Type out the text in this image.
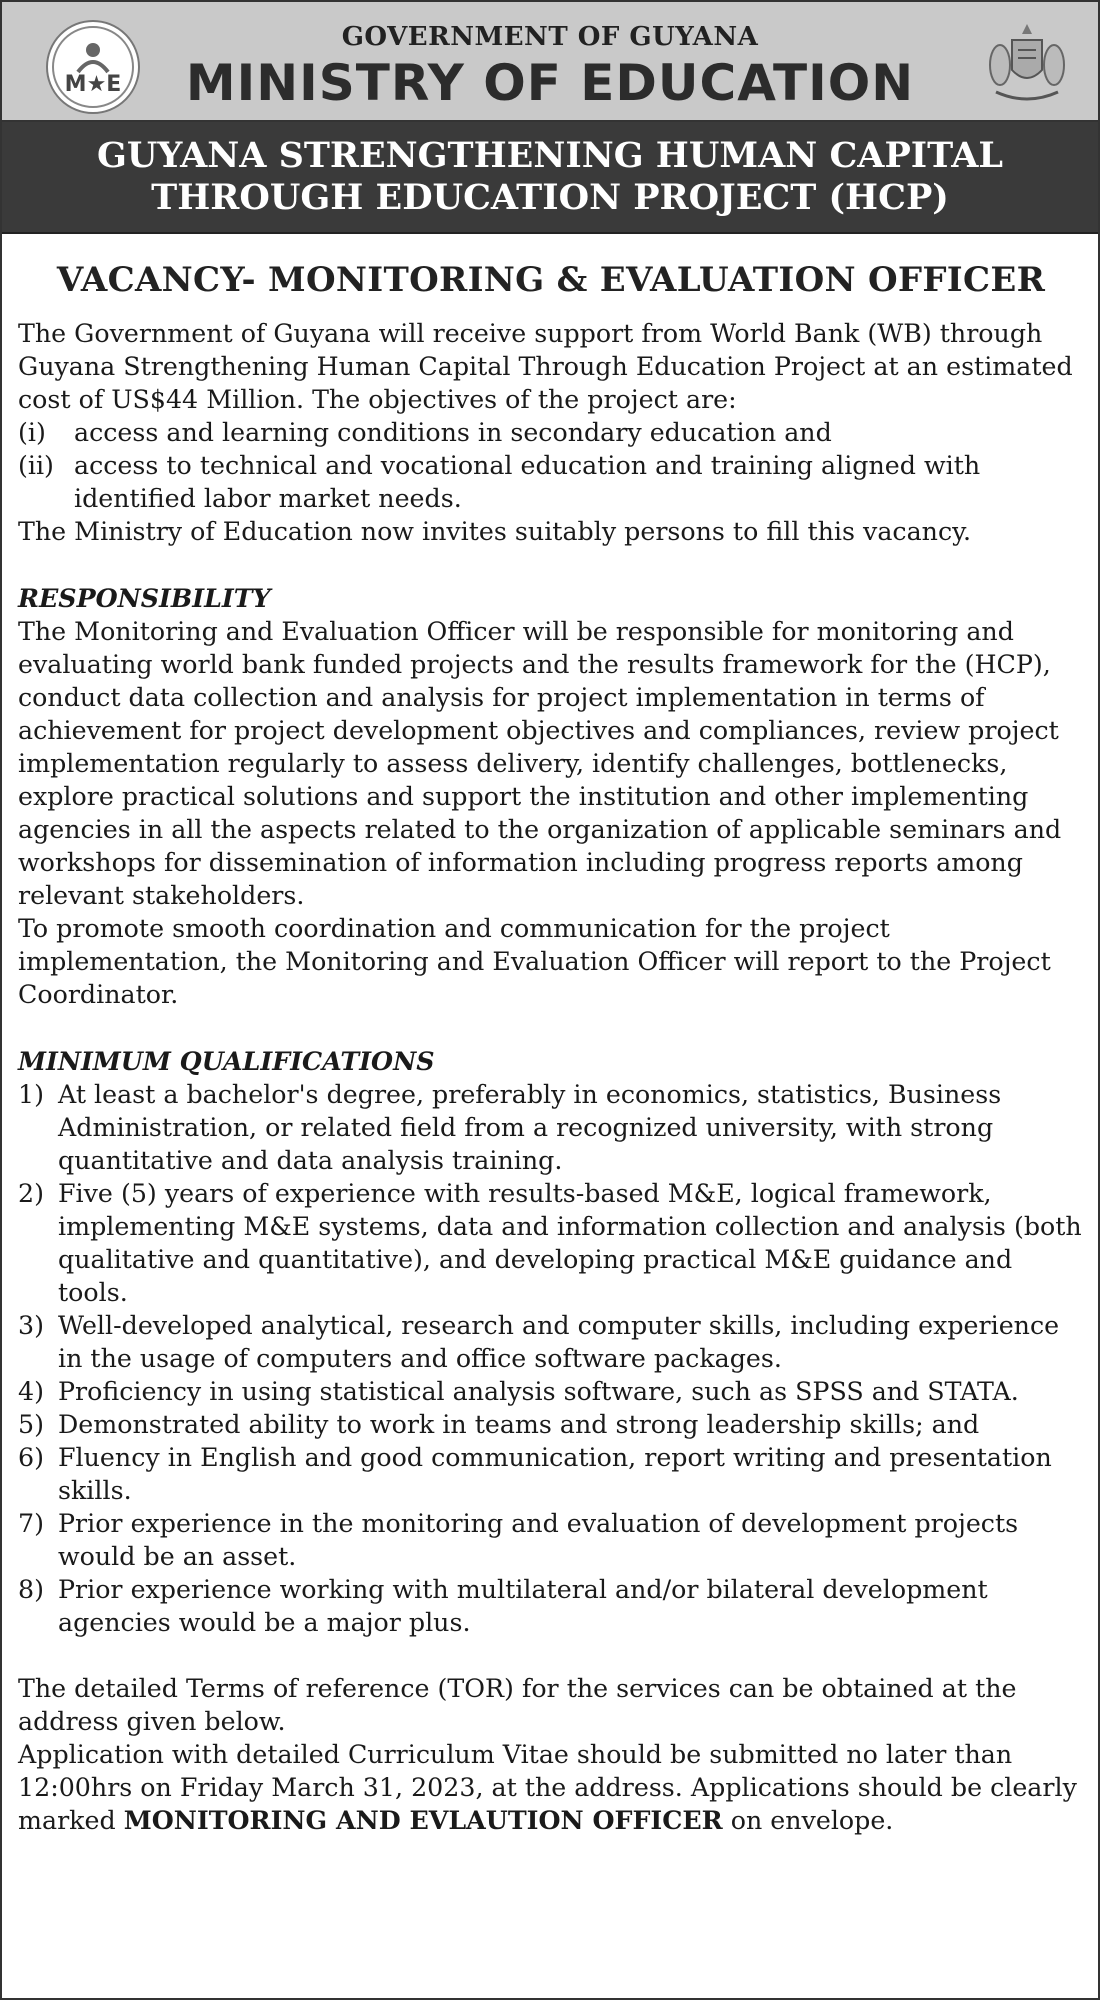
M★E
GOVERNMENT OF GUYANA
MINISTRY OF EDUCATION
GUYANA STRENGTHENING HUMAN CAPITAL
THROUGH EDUCATION PROJECT (HCP)
VACANCY- MONITORING & EVALUATION OFFICER

The Government of Guyana will receive support from World Bank (WB) through Guyana Strengthening Human Capital Through Education Project at an estimated cost of US$44 Million. The objectives of the project are:

(i)	access and learning conditions in secondary education and
(ii) access to technical and vocational education and training aligned with identified labor market needs.

The Ministry of Education now invites suitably persons to fill this vacancy.

RESPONSIBILITY

The Monitoring and Evaluation Officer will be responsible for monitoring and evaluating world bank funded projects and the results framework for the (HCP), conduct data collection and analysis for project implementation in terms of achievement for project development objectives and compliances, review project implementation regularly to assess delivery, identify challenges, bottlenecks, explore practical solutions and support the institution and other implementing agencies in all the aspects related to the organization of applicable seminars and workshops for dissemination of information including progress reports among relevant stakeholders.

To promote smooth coordination and communication for the project implementation, the Monitoring and Evaluation Officer will report to the Project Coordinator.

MINIMUM QUALIFICATIONS

1) At least a bachelor's degree, preferably in economics, statistics, Business Administration, or related field from a recognized university, with strong quantitative and data analysis training.
2) Five (5) years of experience with results-based M&E, logical framework, implementing M&E systems, data and information collection and analysis (both qualitative and quantitative), and developing practical M&E guidance and tools.
3) Well-developed analytical, research and computer skills, including experience in the usage of computers and office software packages.
4) Proficiency in using statistical analysis software, such as SPSS and STATA.
5) Demonstrated ability to work in teams and strong leadership skills; and
6) Fluency in English and good communication, report writing and presentation skills.
7) Prior experience in the monitoring and evaluation of development projects would be an asset.
8) Prior experience working with multilateral and/or bilateral development agencies would be a major plus.

The detailed Terms of reference (TOR) for the services can be obtained at the address given below.

Application with detailed Curriculum Vitae should be submitted no later than 12:00hrs on Friday March 31, 2023, at the address. Applications should be clearly marked MONITORING AND EVLAUTION OFFICER on envelope.
